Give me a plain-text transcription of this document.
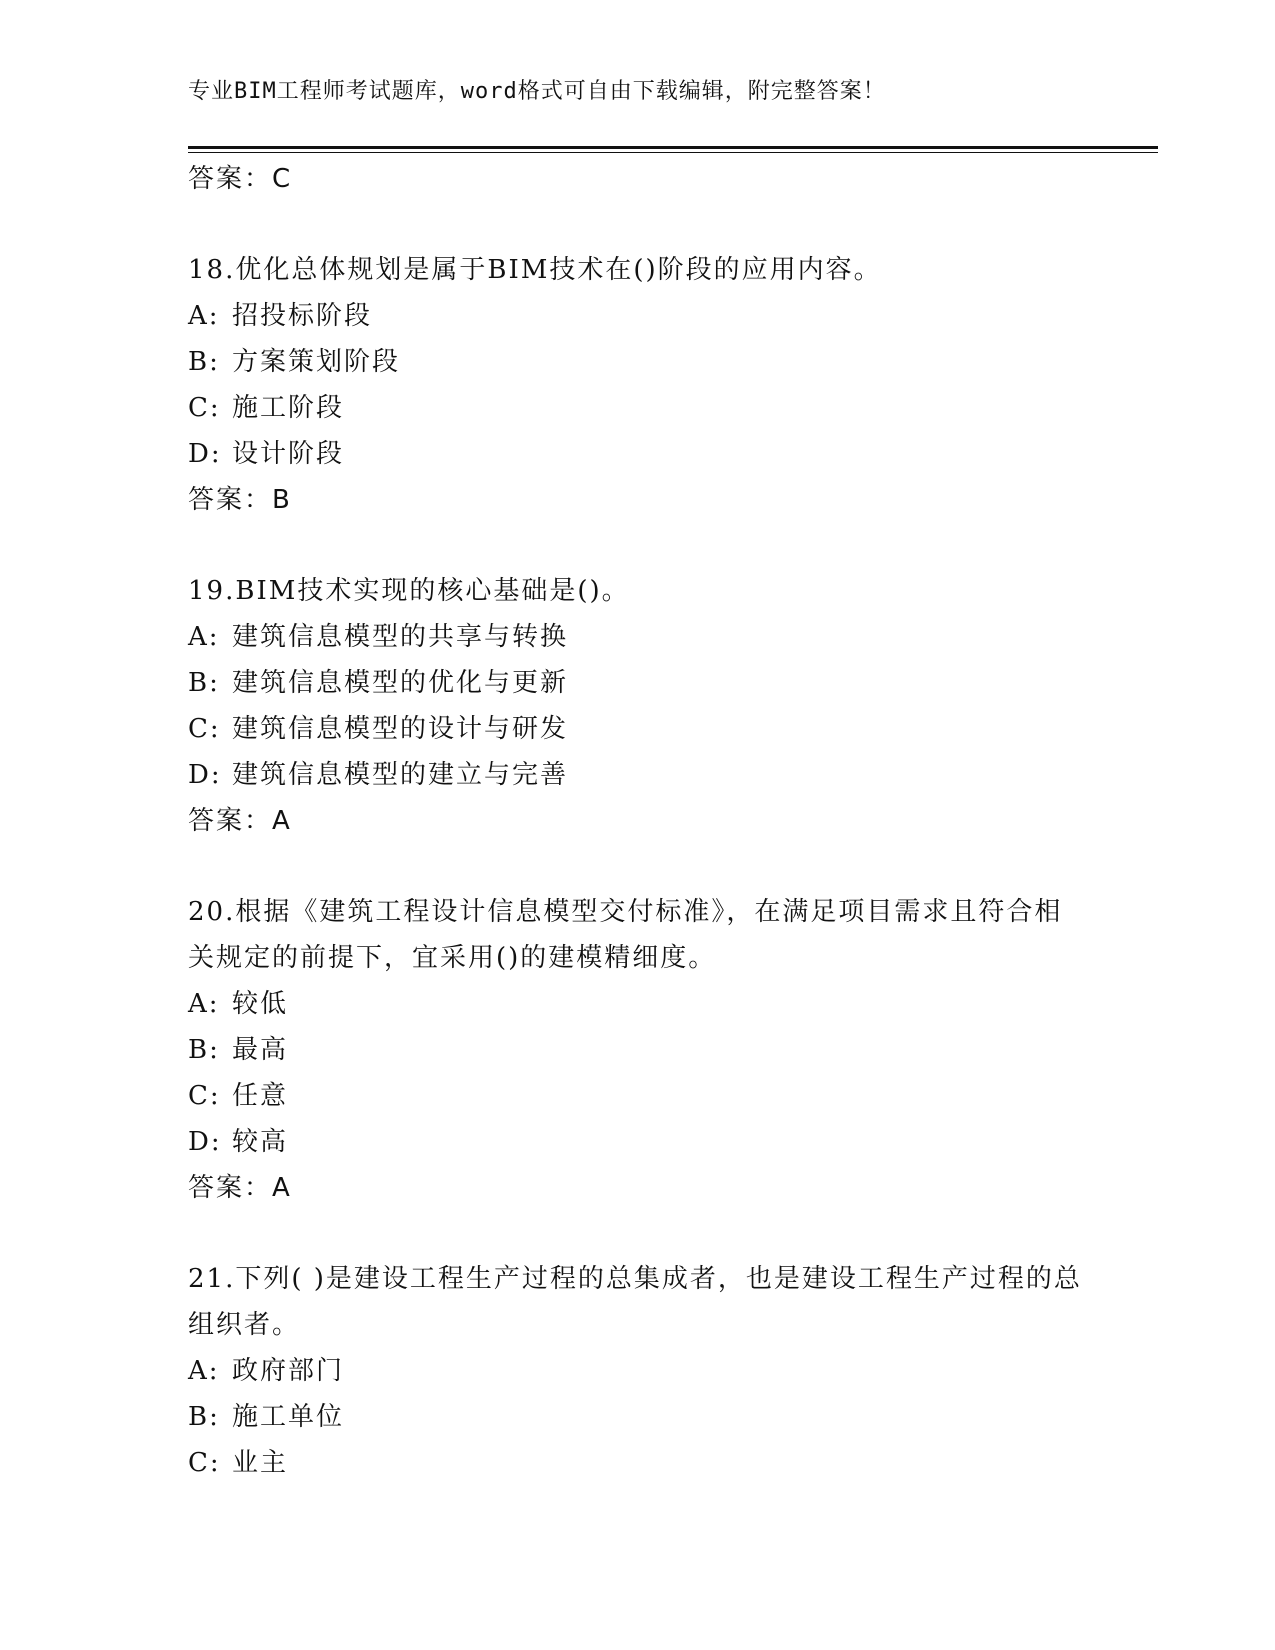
专业BIM工程师考试题库，word格式可自由下载编辑，附完整答案！
答案：C
18.优化总体规划是属于BIM技术在()阶段的应用内容。
A: 招投标阶段
B: 方案策划阶段
C: 施工阶段
D: 设计阶段
答案：B
19.BIM技术实现的核心基础是()。
A: 建筑信息模型的共享与转换
B: 建筑信息模型的优化与更新
C: 建筑信息模型的设计与研发
D: 建筑信息模型的建立与完善
答案：A
20.根据《建筑工程设计信息模型交付标准》，在满足项目需求且符合相关规定的前提下，宜采用()的建模精细度。
A: 较低
B: 最高
C: 任意
D: 较高
答案：A
21.下列( )是建设工程生产过程的总集成者，也是建设工程生产过程的总组织者。
A: 政府部门
B: 施工单位
C: 业主
